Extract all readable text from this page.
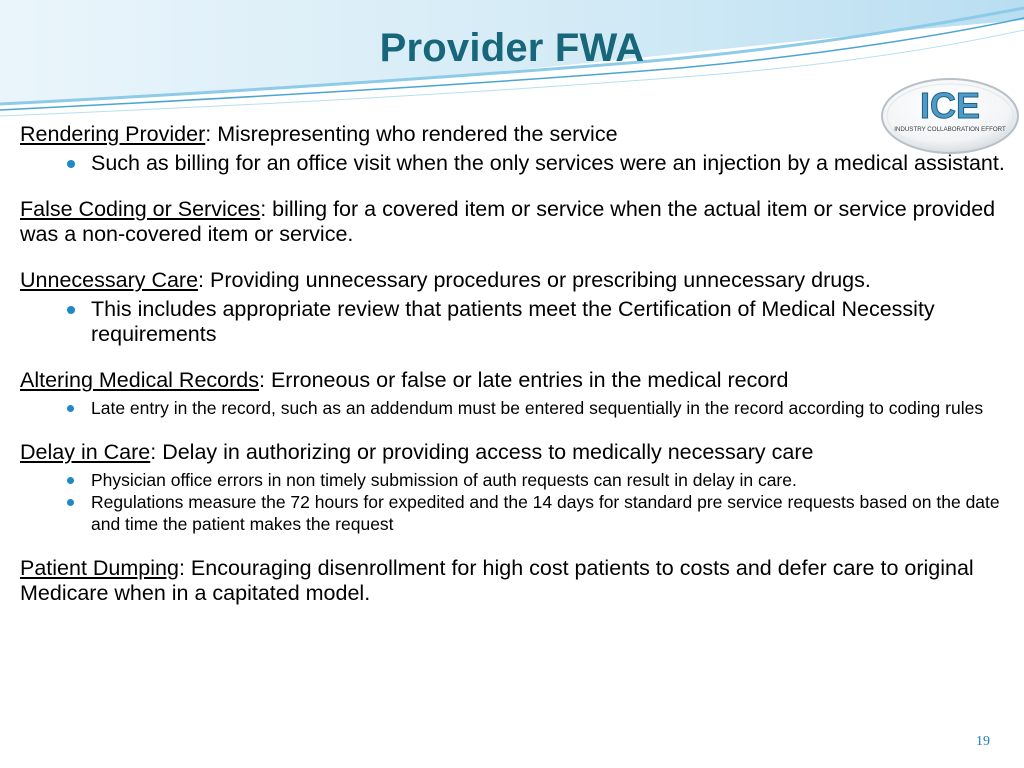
Provider FWA
ICE
INDUSTRY COLLABORATION EFFORT

Rendering Provider: Misrepresenting who rendered the service

Such as billing for an office visit when the only services were an injection by a medical assistant.

False Coding or Services: billing for a covered item or service when the actual item or service provided was a non-covered item or service.

Unnecessary Care: Providing unnecessary procedures or prescribing unnecessary drugs.

This includes appropriate review that patients meet the Certification of Medical Necessity requirements

Altering Medical Records: Erroneous or false or late entries in the medical record

Late entry in the record, such as an addendum must be entered sequentially in the record according to coding rules

Delay in Care: Delay in authorizing or providing access to medically necessary care

Physician office errors in non timely submission of auth requests can result in delay in care.
Regulations measure the 72 hours for expedited and the 14 days for standard pre service requests based on the date and time the patient makes the request

Patient Dumping: Encouraging disenrollment for high cost patients to costs and defer care to original Medicare when in a capitated model.

19
